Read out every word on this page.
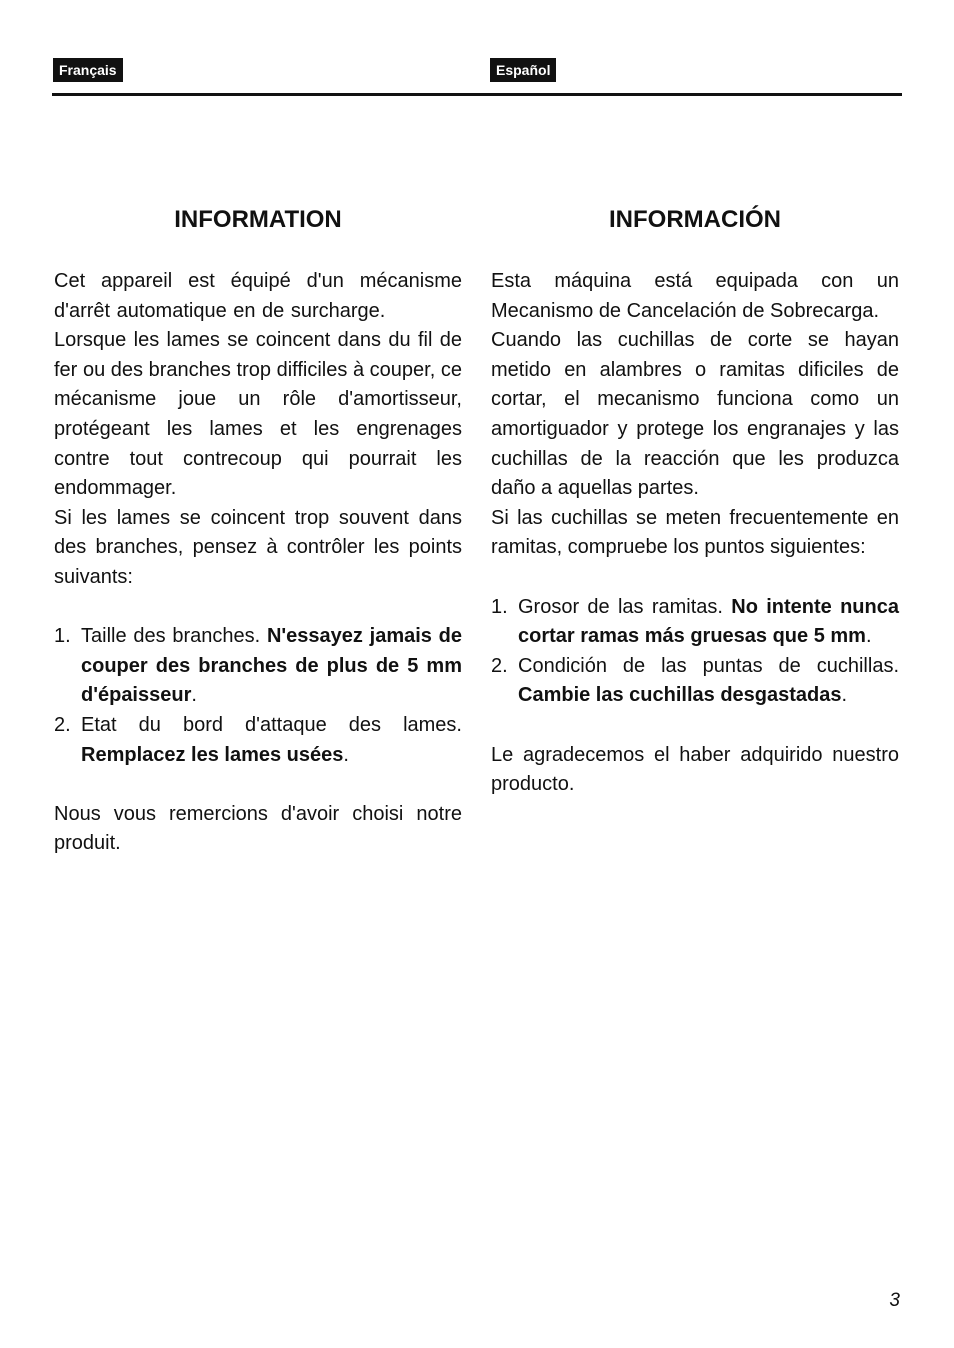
Français	Español
INFORMATION

Cet appareil est équipé d'un mécanisme d'arrêt automatique en de surcharge.

Lorsque les lames se coincent dans du fil de fer ou des branches trop difficiles à couper, ce mécanisme joue un rôle d'amortisseur, protégeant les lames et les engrenages contre tout contrecoup qui pourrait les endommager.

Si les lames se coincent trop souvent dans des branches, pensez à contrôler les points suivants:

1. Taille des branches. N'essayez jamais de couper des branches de plus de 5 mm d'épaisseur.
2. Etat du bord d'attaque des lames. Remplacez les lames usées.

Nous vous remercions d'avoir choisi notre produit.

INFORMACIÓN

Esta máquina está equipada con un Mecanismo de Cancelación de Sobrecarga.

Cuando las cuchillas de corte se hayan metido en alambres o ramitas dificiles de cortar, el mecanismo funciona como un amortiguador y protege los engranajes y las cuchillas de la reacción que les produzca daño a aquellas partes.

Si las cuchillas se meten frecuentemente en ramitas, compruebe los puntos siguientes:

1. Grosor de las ramitas. No intente nunca cortar ramas más gruesas que 5 mm.
2. Condición de las puntas de cuchillas. Cambie las cuchillas desgastadas.

Le agradecemos el haber adquirido nuestro producto.

3
